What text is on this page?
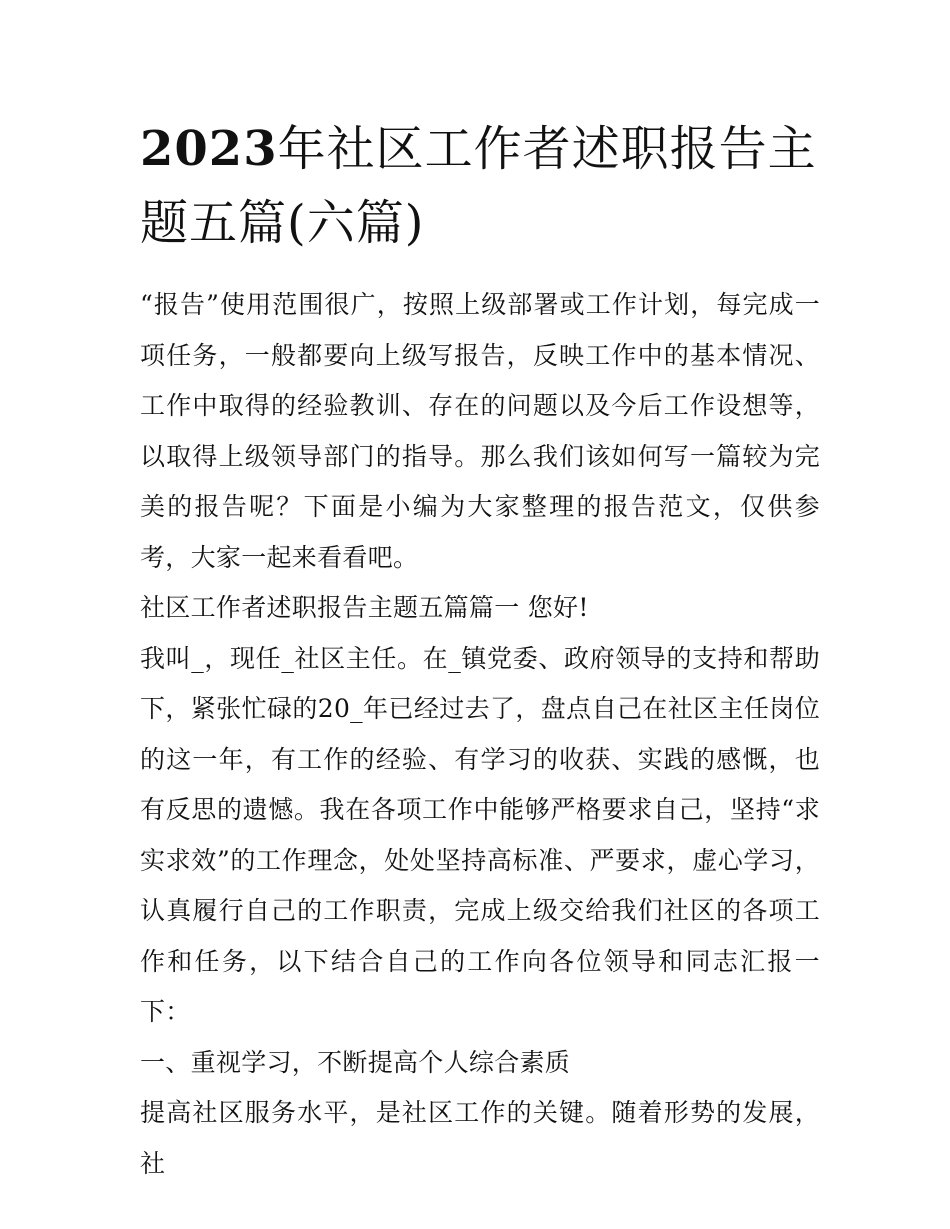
2023年社区工作者述职报告主题五篇(六篇)

“报告”使用范围很广，按照上级部署或工作计划，每完成一项任务，一般都要向上级写报告，反映工作中的基本情况、工作中取得的经验教训、存在的问题以及今后工作设想等，以取得上级领导部门的指导。那么我们该如何写一篇较为完美的报告呢？下面是小编为大家整理的报告范文，仅供参考，大家一起来看看吧。

社区工作者述职报告主题五篇篇一 您好!

我叫_，现任_社区主任。在_镇党委、政府领导的支持和帮助下，紧张忙碌的20_年已经过去了，盘点自己在社区主任岗位的这一年，有工作的经验、有学习的收获、实践的感慨，也有反思的遗憾。我在各项工作中能够严格要求自己，坚持“求实求效”的工作理念，处处坚持高标准、严要求，虚心学习，认真履行自己的工作职责，完成上级交给我们社区的各项工作和任务，以下结合自己的工作向各位领导和同志汇报一下：

一、重视学习，不断提高个人综合素质

提高社区服务水平，是社区工作的关键。随着形势的发展，社
